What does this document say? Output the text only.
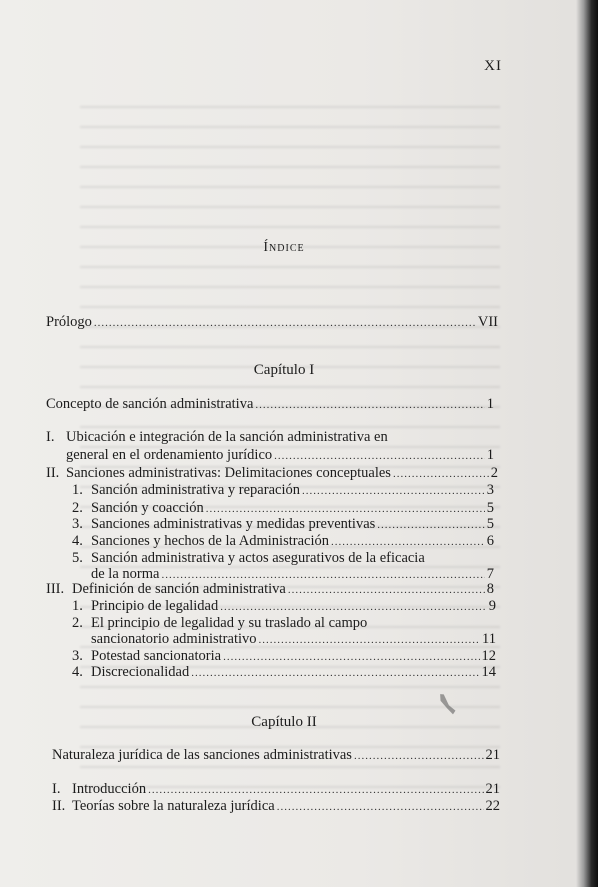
XI
Índice
Prólogo .....	VII
Capítulo I
Concepto de sanción administrativa .....	1
I. Ubicación e integración de la sanción administrativa en
general en el ordenamiento jurídico .....	1
II. Sanciones administrativas: Delimitaciones conceptuales .....	2
1. Sanción administrativa y reparación .....	3
2. Sanción y coacción .....	5
3. Sanciones administrativas y medidas preventivas .....	5
4. Sanciones y hechos de la Administración .....	6
5. Sanción administrativa y actos asegurativos de la eficacia
de la norma .....	7
III. Definición de sanción administrativa .....	8
1. Principio de legalidad .....	9
2. El principio de legalidad y su traslado al campo
sancionatorio administrativo .....	11
3. Potestad sancionatoria .....	12
4. Discrecionalidad .....	14
Capítulo II
Naturaleza jurídica de las sanciones administrativas .....	21
I. Introducción .....	21
II. Teorías sobre la naturaleza jurídica .....	22
